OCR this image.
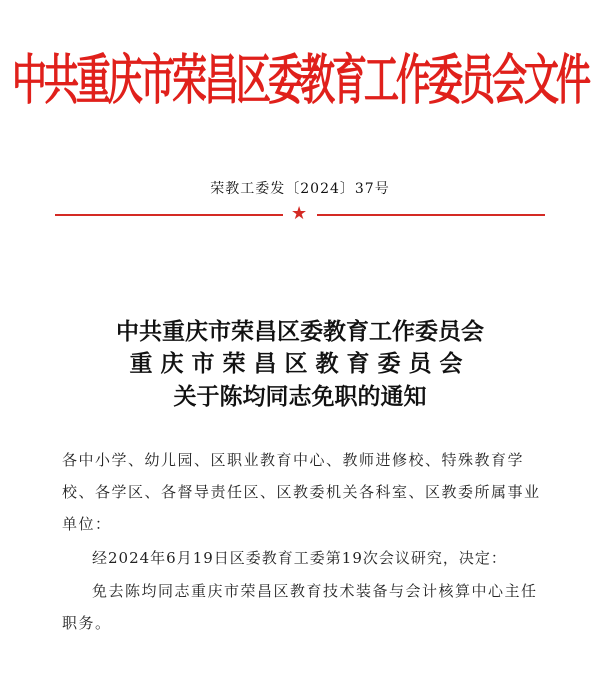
中共重庆市荣昌区委教育工作委员会文件
荣教工委发〔2024〕37号
★
中共重庆市荣昌区委教育工作委员会
重庆市荣昌区教育委员会
关于陈均同志免职的通知
各中小学、幼儿园、区职业教育中心、教师进修校、特殊教育学校、各学区、各督导责任区、区教委机关各科室、区教委所属事业单位：
经2024年6月19日区委教育工委第19次会议研究，决定：
免去陈均同志重庆市荣昌区教育技术装备与会计核算中心主任职务。
